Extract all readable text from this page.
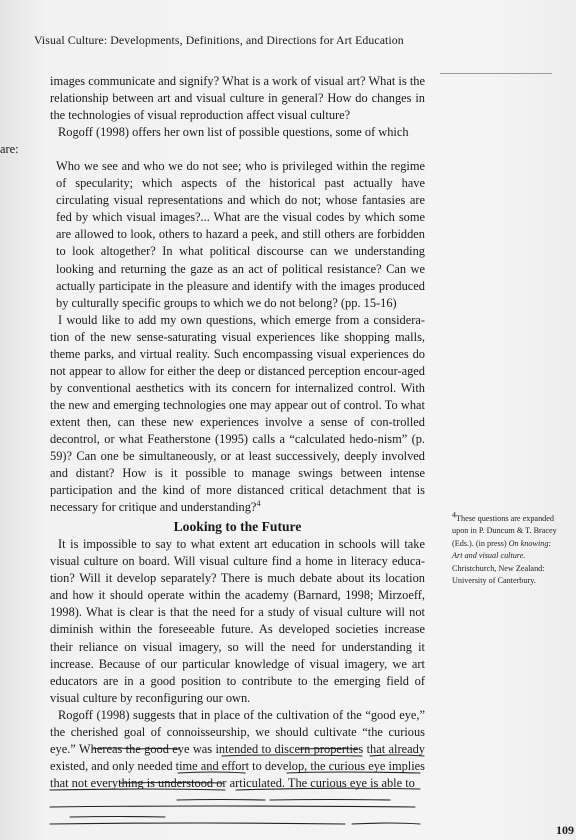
Visual Culture: Developments, Definitions, and Directions for Art Education

images communicate and signify? What is a work of visual art? What is the relationship between art and visual culture in general? How do changes in the technologies of visual reproduction affect visual culture?

Rogoff (1998) offers her own list of possible questions, some of which

are:

Who we see and who we do not see; who is privileged within the regime of specularity; which aspects of the historical past actually have circulating visual representations and which do not; whose fantasies are fed by which visual images?... What are the visual codes by which some are allowed to look, others to hazard a peek, and still others are forbidden to look altogether? In what political discourse can we understanding looking and returning the gaze as an act of political resistance? Can we actually participate in the pleasure and identify with the images produced by culturally specific groups to which we do not belong? (pp. 15-16)

I would like to add my own questions, which emerge from a considera-tion of the new sense-saturating visual experiences like shopping malls, theme parks, and virtual reality. Such encompassing visual experiences do not appear to allow for either the deep or distanced perception encour-aged by conventional aesthetics with its concern for internalized control. With the new and emerging technologies one may appear out of control. To what extent then, can these new experiences involve a sense of con-trolled decontrol, or what Featherstone (1995) calls a “calculated hedo-nism” (p. 59)? Can one be simultaneously, or at least successively, deeply involved and distant? How is it possible to manage swings between intense participation and the kind of more distanced critical detachment that is necessary for critique and understanding?$^4$

Looking to the Future

It is impossible to say to what extent art education in schools will take visual culture on board. Will visual culture find a home in literacy educa-tion? Will it develop separately? There is much debate about its location and how it should operate within the academy (Barnard, 1998; Mirzoeff, 1998). What is clear is that the need for a study of visual culture will not diminish within the foreseeable future. As developed societies increase their reliance on visual imagery, so will the need for understanding it increase. Because of our particular knowledge of visual imagery, we art educators are in a good position to contribute to the emerging field of visual culture by reconfiguring our own.

Rogoff (1998) suggests that in place of the cultivation of the “good eye,” the cherished goal of connoisseurship, we should cultivate “the curious eye.” Whereas the good eye was intended to discern properties that already existed, and only needed time and effort to develop, the curious eye implies that not everything is understood or articulated. The curious eye is able to

$^4$These questions are expanded upon in P. Duncum & T. Bracey (Eds.). (in press) On knowing: Art and visual culture. Christchurch, New Zealand: University of Canterbury.
109
